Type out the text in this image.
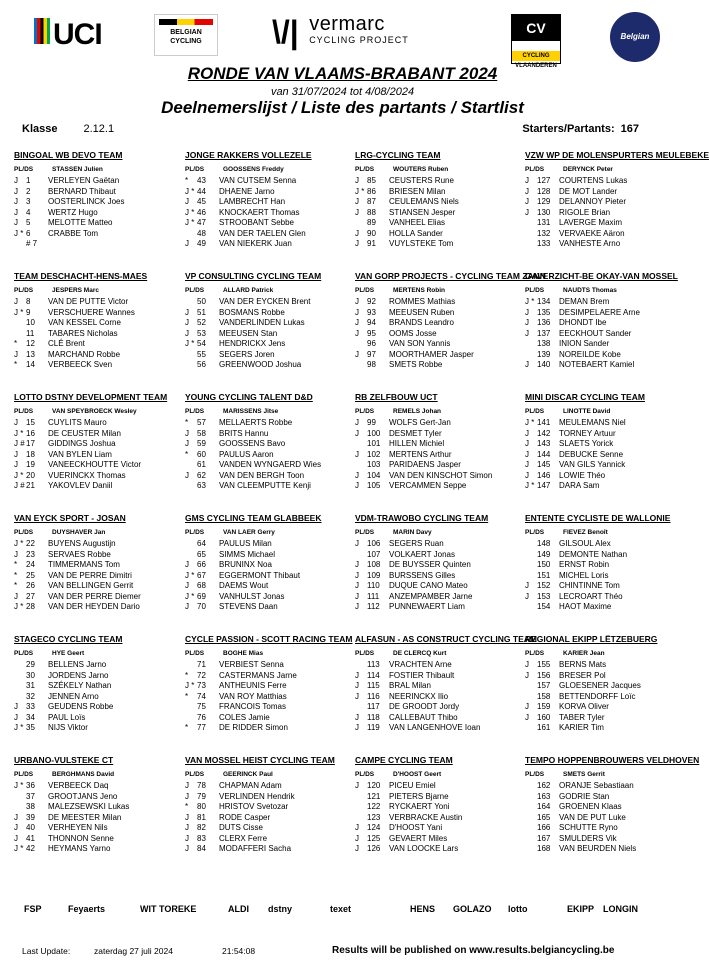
UCI	BELGIAN CYCLING	\/| vermarc
CYCLING PROJECT
CV
CYCLING VLAANDEREN
Belgian Cycling
RONDE VAN VLAAMS-BRABANT 2024
van 31/07/2024 tot 4/08/2024
Deelnemerslijst / Liste des partants / Startlist
Klasse 2.12.1	Starters/Partants: 167
BINGOAL WB DEVO TEAM
PL/DS	STASSEN Julien
J 1 VERLEYEN Gaëtan
J 2 BERNARD Thibaut
J 3 OOSTERLINCK Joes
J 4 WERTZ Hugo
J 5 MELOTTE Matteo
J * 6 CRABBE Tom
# 7
JONGE RAKKERS VOLLEZELE
PL/DS	GOOSSENS Freddy
* 43 VAN CUTSEM Senna
J * 44 DHAENE Jarno
J 45 LAMBRECHT Han
J * 46 KNOCKAERT Thomas
J * 47 STROOBANT Sebbe
48 VAN DER TAELEN Glen
J 49 VAN NIEKERK Juan
LRG-CYCLING TEAM
PL/DS	WOUTERS Ruben
J 85 CEUSTERS Rune
J * 86 BRIESEN Milan
J 87 CEULEMANS Niels
J 88 STIANSEN Jesper
89 VANHEEL Elias
J 90 HOLLA Sander
J 91 VUYLSTEKE Tom
VZW WP DE MOLENSPURTERS MEULEBEKE
PL/DS	DERYNCK Peter
J 127 COURTENS Lukas
J 128 DE MOT Lander
J 129 DELANNOY Pieter
J 130 RIGOLE Brian
131 LAVERGE Maxim
132 VERVAEKE Aäron
133 VANHESTE Arno
TEAM DESCHACHT-HENS-MAES
PL/DS	JESPERS Marc
J 8 VAN DE PUTTE Victor
J * 9 VERSCHUERE Wannes
10 VAN KESSEL Corne
11 TABARES Nicholas
* 12 CLÉ Brent
J 13 MARCHAND Robbe
* 14 VERBEECK Sven
VP CONSULTING CYCLING TEAM
PL/DS	ALLARD Patrick
50 VAN DER EYCKEN Brent
J 51 BOSMANS Robbe
J 52 VANDERLINDEN Lukas
J 53 MEEUSEN Stan
J * 54 HENDRICKX Jens
55 SEGERS Joren
56 GREENWOOD Joshua
VAN GORP PROJECTS - CYCLING TEAM ZANN
PL/DS	MERTENS Robin
J 92 ROMMES Mathias
J 93 MEEUSEN Ruben
J 94 BRANDS Leandro
J 95 OOMS Josse
96 VAN SON Yannis
J 97 MOORTHAMER Jasper
98 SMETS Robbe
GAVERZICHT-BE OKAY-VAN MOSSEL
PL/DS	NAUDTS Thomas
J * 134 DEMAN Brem
J 135 DESIMPELAERE Arne
J 136 DHONDT Ibe
J 137 EECKHOUT Sander
138 INION Sander
139 NOREILDE Kobe
J 140 NOTEBAERT Kamiel
LOTTO DSTNY DEVELOPMENT TEAM
PL/DS	VAN SPEYBROECK Wesley
J 15 CUYLITS Mauro
J * 16 DE CEUSTER Milan
J #17 GIDDINGS Joshua
J 18 VAN BYLEN Liam
J 19 VANEECKHOUTTE Victor
J * 20 VUERINCKX Thomas
J #21 YAKOVLEV Daniil
YOUNG CYCLING TALENT D&D
PL/DS	MARISSENS Jitse
* 57 MELLAERTS Robbe
J 58 BRITS Hannu
J 59 GOOSSENS Bavo
* 60 PAULUS Aaron
61 VANDEN WYNGAERD Wies
J 62 VAN DEN BERGH Toon
63 VAN CLEEMPUTTE Kenji
RB ZELFBOUW UCT
PL/DS	REMELS Johan
J 99 WOLFS Gert-Jan
J 100 DESMET Tyler
101 HILLEN Michiel
J 102 MERTENS Arthur
103 PARIDAENS Jasper
J 104 VAN DEN KINSCHOT Simon
J 105 VERCAMMEN Seppe
MINI DISCAR CYCLING TEAM
PL/DS	LINOTTE David
J * 141 MEULEMANS Niel
J 142 TORNEY Artuur
J 143 SLAETS Yorick
J 144 DEBUCKE Senne
J 145 VAN GILS Yannick
J 146 LOWIE Théo
J * 147 DARA Sam
VAN EYCK SPORT - JOSAN
PL/DS	DUYSHAVER Jan
J * 22 BUYENS Augustijn
J 23 SERVAES Robbe
* 24 TIMMERMANS Tom
* 25 VAN DE PERRE Dimitri
* 26 VAN BELLINGEN Gerrit
J 27 VAN DER PERRE Diemer
J * 28 VAN DER HEYDEN Dario
GMS CYCLING TEAM GLABBEEK
PL/DS	VAN LAER Gerry
64 PAULUS Milan
65 SIMMS Michael
J 66 BRUNINX Noa
J * 67 EGGERMONT Thibaut
J 68 DAEMS Wout
J * 69 VANHULST Jonas
J 70 STEVENS Daan
VDM-TRAWOBO CYCLING TEAM
PL/DS	MARIN Davy
J 106 SEGERS Ruan
107 VOLKAERT Jonas
J 108 DE BUYSSER Quinten
J 109 BURSSENS Gilles
J 110 DUQUE CANO Mateo
J 111 ANZEMPAMBER Jarne
J 112 PUNNEWAERT Liam
ENTENTE CYCLISTE DE WALLONIE
PL/DS	FIEVEZ Benoît
148 GILSOUL Alex
149 DEMONTE Nathan
150 ERNST Robin
151 MICHEL Loris
J 152 CHINTINNE Tom
J 153 LECROART Théo
154 HAOT Maxime
STAGECO CYCLING TEAM
PL/DS	HYE Geert
29 BELLENS Jarno
30 JORDENS Jarno
31 SZÉKELY Nathan
32 JENNEN Arno
J 33 GEUDENS Robbe
J 34 PAUL Loïs
J * 35 NIJS Viktor
CYCLE PASSION - SCOTT RACING TEAM
PL/DS	BOGHE Mias
71 VERBIEST Senna
* 72 CASTERMANS Jarne
J * 73 ANTHEUNIS Ferre
* 74 VAN ROY Matthias
75 FRANCOIS Tomas
76 COLES Jamie
* 77 DE RIDDER Simon
ALFASUN - AS CONSTRUCT CYCLING TEAM
PL/DS	DE CLERCQ Kurt
113 VRACHTEN Arne
J 114 FOSTIER Thibault
J 115 BRAL Milan
J 116 NEERINCKX Ilio
117 DE GROODT Jordy
J 118 CALLEBAUT Thibo
J 119 VAN LANGENHOVE Ioan
REGIONAL EKIPP LËTZEBUERG
PL/DS	KARIER Jean
J 155 BERNS Mats
J 156 BRESER Pol
157 GLOESENER Jacques
158 BETTENDORFF Loïc
J 159 KORVA Oliver
J 160 TABER Tyler
161 KARIER Tim
URBANO-VULSTEKE CT
PL/DS	BERGHMANS David
J * 36 VERBEECK Daq
37 GROOTJANS Jeno
38 MALEZSEWSKI Lukas
J 39 DE MEESTER Milan
J 40 VERHEYEN Nils
J 41 THONNON Senne
J * 42 HEYMANS Yarno
VAN MOSSEL HEIST CYCLING TEAM
PL/DS	GEERINCK Paul
J 78 CHAPMAN Adam
J 79 VERLINDEN Hendrik
* 80 HRISTOV Svetozar
J 81 RODE Casper
J 82 DUTS Cisse
J 83 CLERX Ferre
J 84 MODAFFERI Sacha
CAMPE CYCLING TEAM
PL/DS	D'HOOST Geert
J 120 PICEU Emiel
121 PIETERS Bjarne
122 RYCKAERT Yoni
123 VERBRACKE Austin
J 124 D'HOOST Yani
J 125 GEVAERT Miles
J 126 VAN LOOCKE Lars
TEMPO HOPPENBROUWERS VELDHOVEN
PL/DS	SMETS Gerrit
162 ORANJE Sebastiaan
163 GODRIE Stan
164 GROENEN Klaas
165 VAN DE PUT Luke
166 SCHUTTE Ryno
167 SMULDERS Vik
168 VAN BEURDEN Niels
FSP	Feyaerts	WIT TOREKE	ALDI dstny	texet	HENS GOLAZO lotto	EKIPP LONGIN
Last Update:	zaterdag 27 juli 2024	21:54:08	Results will be published on www.results.belgiancycling.be
